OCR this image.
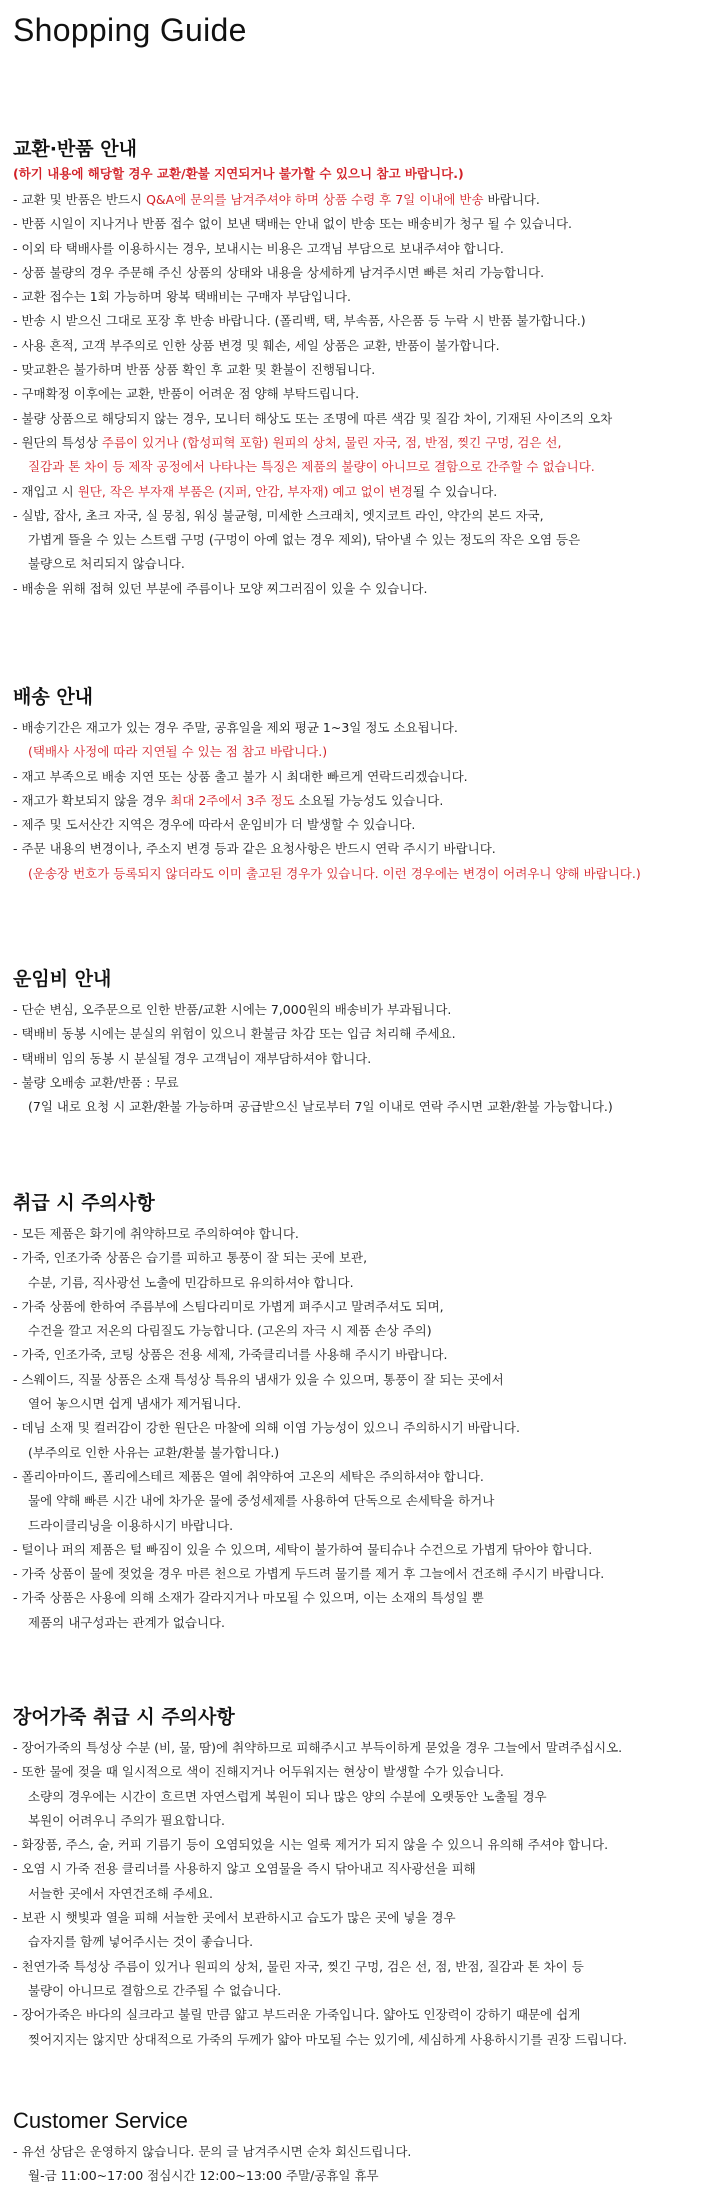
Shopping Guide
교환·반품 안내
(하기 내용에 해당할 경우 교환/환불 지연되거나 불가할 수 있으니 참고 바랍니다.)
- 교환 및 반품은 반드시 Q&A에 문의를 남겨주셔야 하며 상품 수령 후 7일 이내에 반송 바랍니다.
- 반품 시일이 지나거나 반품 접수 없이 보낸 택배는 안내 없이 반송 또는 배송비가 청구 될 수 있습니다.
- 이외 타 택배사를 이용하시는 경우, 보내시는 비용은 고객님 부담으로 보내주셔야 합니다.
- 상품 불량의 경우 주문해 주신 상품의 상태와 내용을 상세하게 남겨주시면 빠른 처리 가능합니다.
- 교환 접수는 1회 가능하며 왕복 택배비는 구매자 부담입니다.
- 반송 시 받으신 그대로 포장 후 반송 바랍니다. (폴리백, 택, 부속품, 사은품 등 누락 시 반품 불가합니다.)
- 사용 흔적, 고객 부주의로 인한 상품 변경 및 훼손, 세일 상품은 교환, 반품이 불가합니다.
- 맞교환은 불가하며 반품 상품 확인 후 교환 및 환불이 진행됩니다.
- 구매확정 이후에는 교환, 반품이 어려운 점 양해 부탁드립니다.
- 불량 상품으로 해당되지 않는 경우, 모니터 해상도 또는 조명에 따른 색감 및 질감 차이, 기재된 사이즈의 오차
- 원단의 특성상 주름이 있거나 (합성피혁 포함) 원피의 상처, 물린 자국, 점, 반점, 찢긴 구멍, 검은 선,
질감과 톤 차이 등 제작 공정에서 나타나는 특징은 제품의 불량이 아니므로 결함으로 간주할 수 없습니다.
- 재입고 시 원단, 작은 부자재 부품은 (지퍼, 안감, 부자재) 예고 없이 변경될 수 있습니다.
- 실밥, 잡사, 초크 자국, 실 뭉침, 워싱 불균형, 미세한 스크래치, 엣지코트 라인, 약간의 본드 자국,
가볍게 뜰을 수 있는 스트랩 구멍 (구멍이 아예 없는 경우 제외), 닦아낼 수 있는 정도의 작은 오염 등은
불량으로 처리되지 않습니다.
- 배송을 위해 접혀 있던 부분에 주름이나 모양 찌그러짐이 있을 수 있습니다.
배송 안내
- 배송기간은 재고가 있는 경우 주말, 공휴일을 제외 평균 1~3일 정도 소요됩니다.
(택배사 사정에 따라 지연될 수 있는 점 참고 바랍니다.)
- 재고 부족으로 배송 지연 또는 상품 출고 불가 시 최대한 빠르게 연락드리겠습니다.
- 재고가 확보되지 않을 경우 최대 2주에서 3주 정도 소요될 가능성도 있습니다.
- 제주 및 도서산간 지역은 경우에 따라서 운임비가 더 발생할 수 있습니다.
- 주문 내용의 변경이나, 주소지 변경 등과 같은 요청사항은 반드시 연락 주시기 바랍니다.
(운송장 번호가 등록되지 않더라도 이미 출고된 경우가 있습니다. 이런 경우에는 변경이 어려우니 양해 바랍니다.)
운임비 안내
- 단순 변심, 오주문으로 인한 반품/교환 시에는 7,000원의 배송비가 부과됩니다.
- 택배비 동봉 시에는 분실의 위험이 있으니 환불금 차감 또는 입금 처리해 주세요.
- 택배비 임의 동봉 시 분실될 경우 고객님이 재부담하셔야 합니다.
- 불량 오배송 교환/반품 : 무료
(7일 내로 요청 시 교환/환불 가능하며 공급받으신 날로부터 7일 이내로 연락 주시면 교환/환불 가능합니다.)
취급 시 주의사항
- 모든 제품은 화기에 취약하므로 주의하여야 합니다.
- 가죽, 인조가죽 상품은 습기를 피하고 통풍이 잘 되는 곳에 보관,
수분, 기름, 직사광선 노출에 민감하므로 유의하셔야 합니다.
- 가죽 상품에 한하여 주름부에 스팀다리미로 가볍게 펴주시고 말려주셔도 되며,
수건을 깔고 저온의 다림질도 가능합니다. (고온의 자극 시 제품 손상 주의)
- 가죽, 인조가죽, 코팅 상품은 전용 세제, 가죽클리너를 사용해 주시기 바랍니다.
- 스웨이드, 직물 상품은 소재 특성상 특유의 냄새가 있을 수 있으며, 통풍이 잘 되는 곳에서
열어 놓으시면 쉽게 냄새가 제거됩니다.
- 데님 소재 및 컬러감이 강한 원단은 마찰에 의해 이염 가능성이 있으니 주의하시기 바랍니다.
(부주의로 인한 사유는 교환/환불 불가합니다.)
- 폴리아마이드, 폴리에스테르 제품은 열에 취약하여 고온의 세탁은 주의하셔야 합니다.
물에 약해 빠른 시간 내에 차가운 물에 중성세제를 사용하여 단독으로 손세탁을 하거나
드라이클리닝을 이용하시기 바랍니다.
- 털이나 퍼의 제품은 털 빠짐이 있을 수 있으며, 세탁이 불가하여 물티슈나 수건으로 가볍게 닦아야 합니다.
- 가죽 상품이 물에 젖었을 경우 마른 천으로 가볍게 두드려 물기를 제거 후 그늘에서 건조해 주시기 바랍니다.
- 가죽 상품은 사용에 의해 소재가 갈라지거나 마모될 수 있으며, 이는 소재의 특성일 뿐
제품의 내구성과는 관계가 없습니다.
장어가죽 취급 시 주의사항
- 장어가죽의 특성상 수분 (비, 물, 땀)에 취약하므로 피해주시고 부득이하게 묻었을 경우 그늘에서 말려주십시오.
- 또한 물에 젖을 때 일시적으로 색이 진해지거나 어두워지는 현상이 발생할 수가 있습니다.
소량의 경우에는 시간이 흐르면 자연스럽게 복원이 되나 많은 양의 수분에 오랫동안 노출될 경우
복원이 어려우니 주의가 필요합니다.
- 화장품, 주스, 술, 커피 기름기 등이 오염되었을 시는 얼룩 제거가 되지 않을 수 있으니 유의해 주셔야 합니다.
- 오염 시 가죽 전용 클리너를 사용하지 않고 오염물을 즉시 닦아내고 직사광선을 피해
서늘한 곳에서 자연건조해 주세요.
- 보관 시 햇빛과 열을 피해 서늘한 곳에서 보관하시고 습도가 많은 곳에 넣을 경우
습자지를 함께 넣어주시는 것이 좋습니다.
- 천연가죽 특성상 주름이 있거나 원피의 상처, 물린 자국, 찢긴 구멍, 검은 선, 점, 반점, 질감과 톤 차이 등
불량이 아니므로 결함으로 간주될 수 없습니다.
- 장어가죽은 바다의 실크라고 불릴 만큼 얇고 부드러운 가죽입니다. 얇아도 인장력이 강하기 때문에 쉽게
찢어지지는 않지만 상대적으로 가죽의 두께가 얇아 마모될 수는 있기에, 세심하게 사용하시기를 권장 드립니다.
Customer Service
- 유선 상담은 운영하지 않습니다. 문의 글 남겨주시면 순차 회신드립니다.
월-금 11:00~17:00 점심시간 12:00~13:00 주말/공휴일 휴무
